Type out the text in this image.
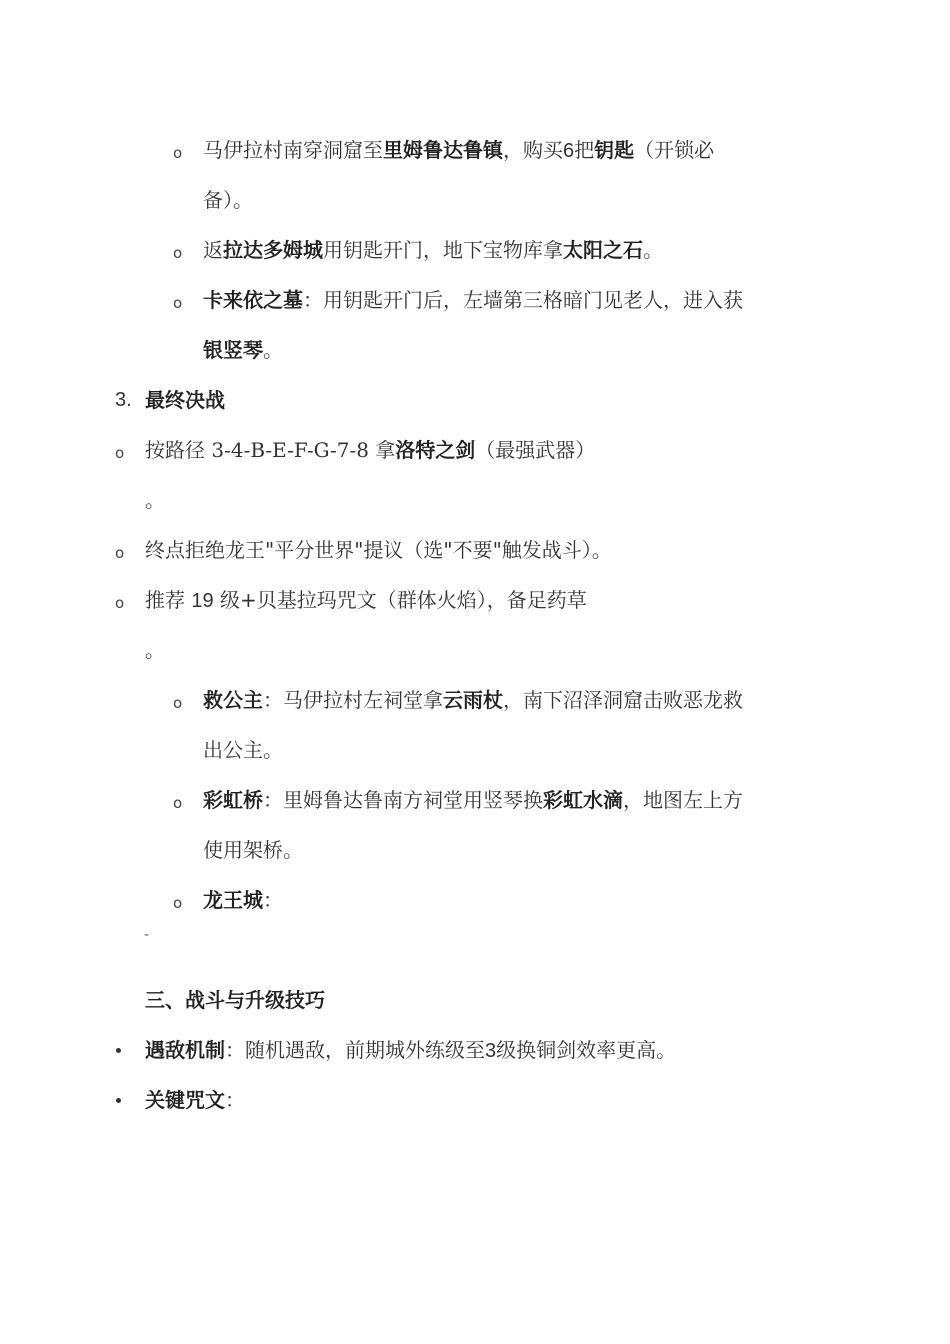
o 马伊拉村南穿洞窟至里姆鲁达鲁镇，购买6把钥匙（开锁必
备）。
o 返拉达多姆城用钥匙开门，地下宝物库拿太阳之石。
o 卡来依之墓：用钥匙开门后，左墙第三格暗门见老人，进入获
银竖琴。
3. 最终决战
o 按路径 3-4-B-E-F-G-7-8 拿洛特之剑（最强武器）
。
o 终点拒绝龙王"平分世界"提议（选"不要"触发战斗）。
o 推荐 19 级+贝基拉玛咒文（群体火焰），备足药草
。
o 救公主：马伊拉村左祠堂拿云雨杖，南下沼泽洞窟击败恶龙救
出公主。
o 彩虹桥：里姆鲁达鲁南方祠堂用竖琴换彩虹水滴，地图左上方
使用架桥。
o 龙王城：
-
三、战斗与升级技巧
遇敌机制：随机遇敌，前期城外练级至3级换铜剑效率更高。
关键咒文：
